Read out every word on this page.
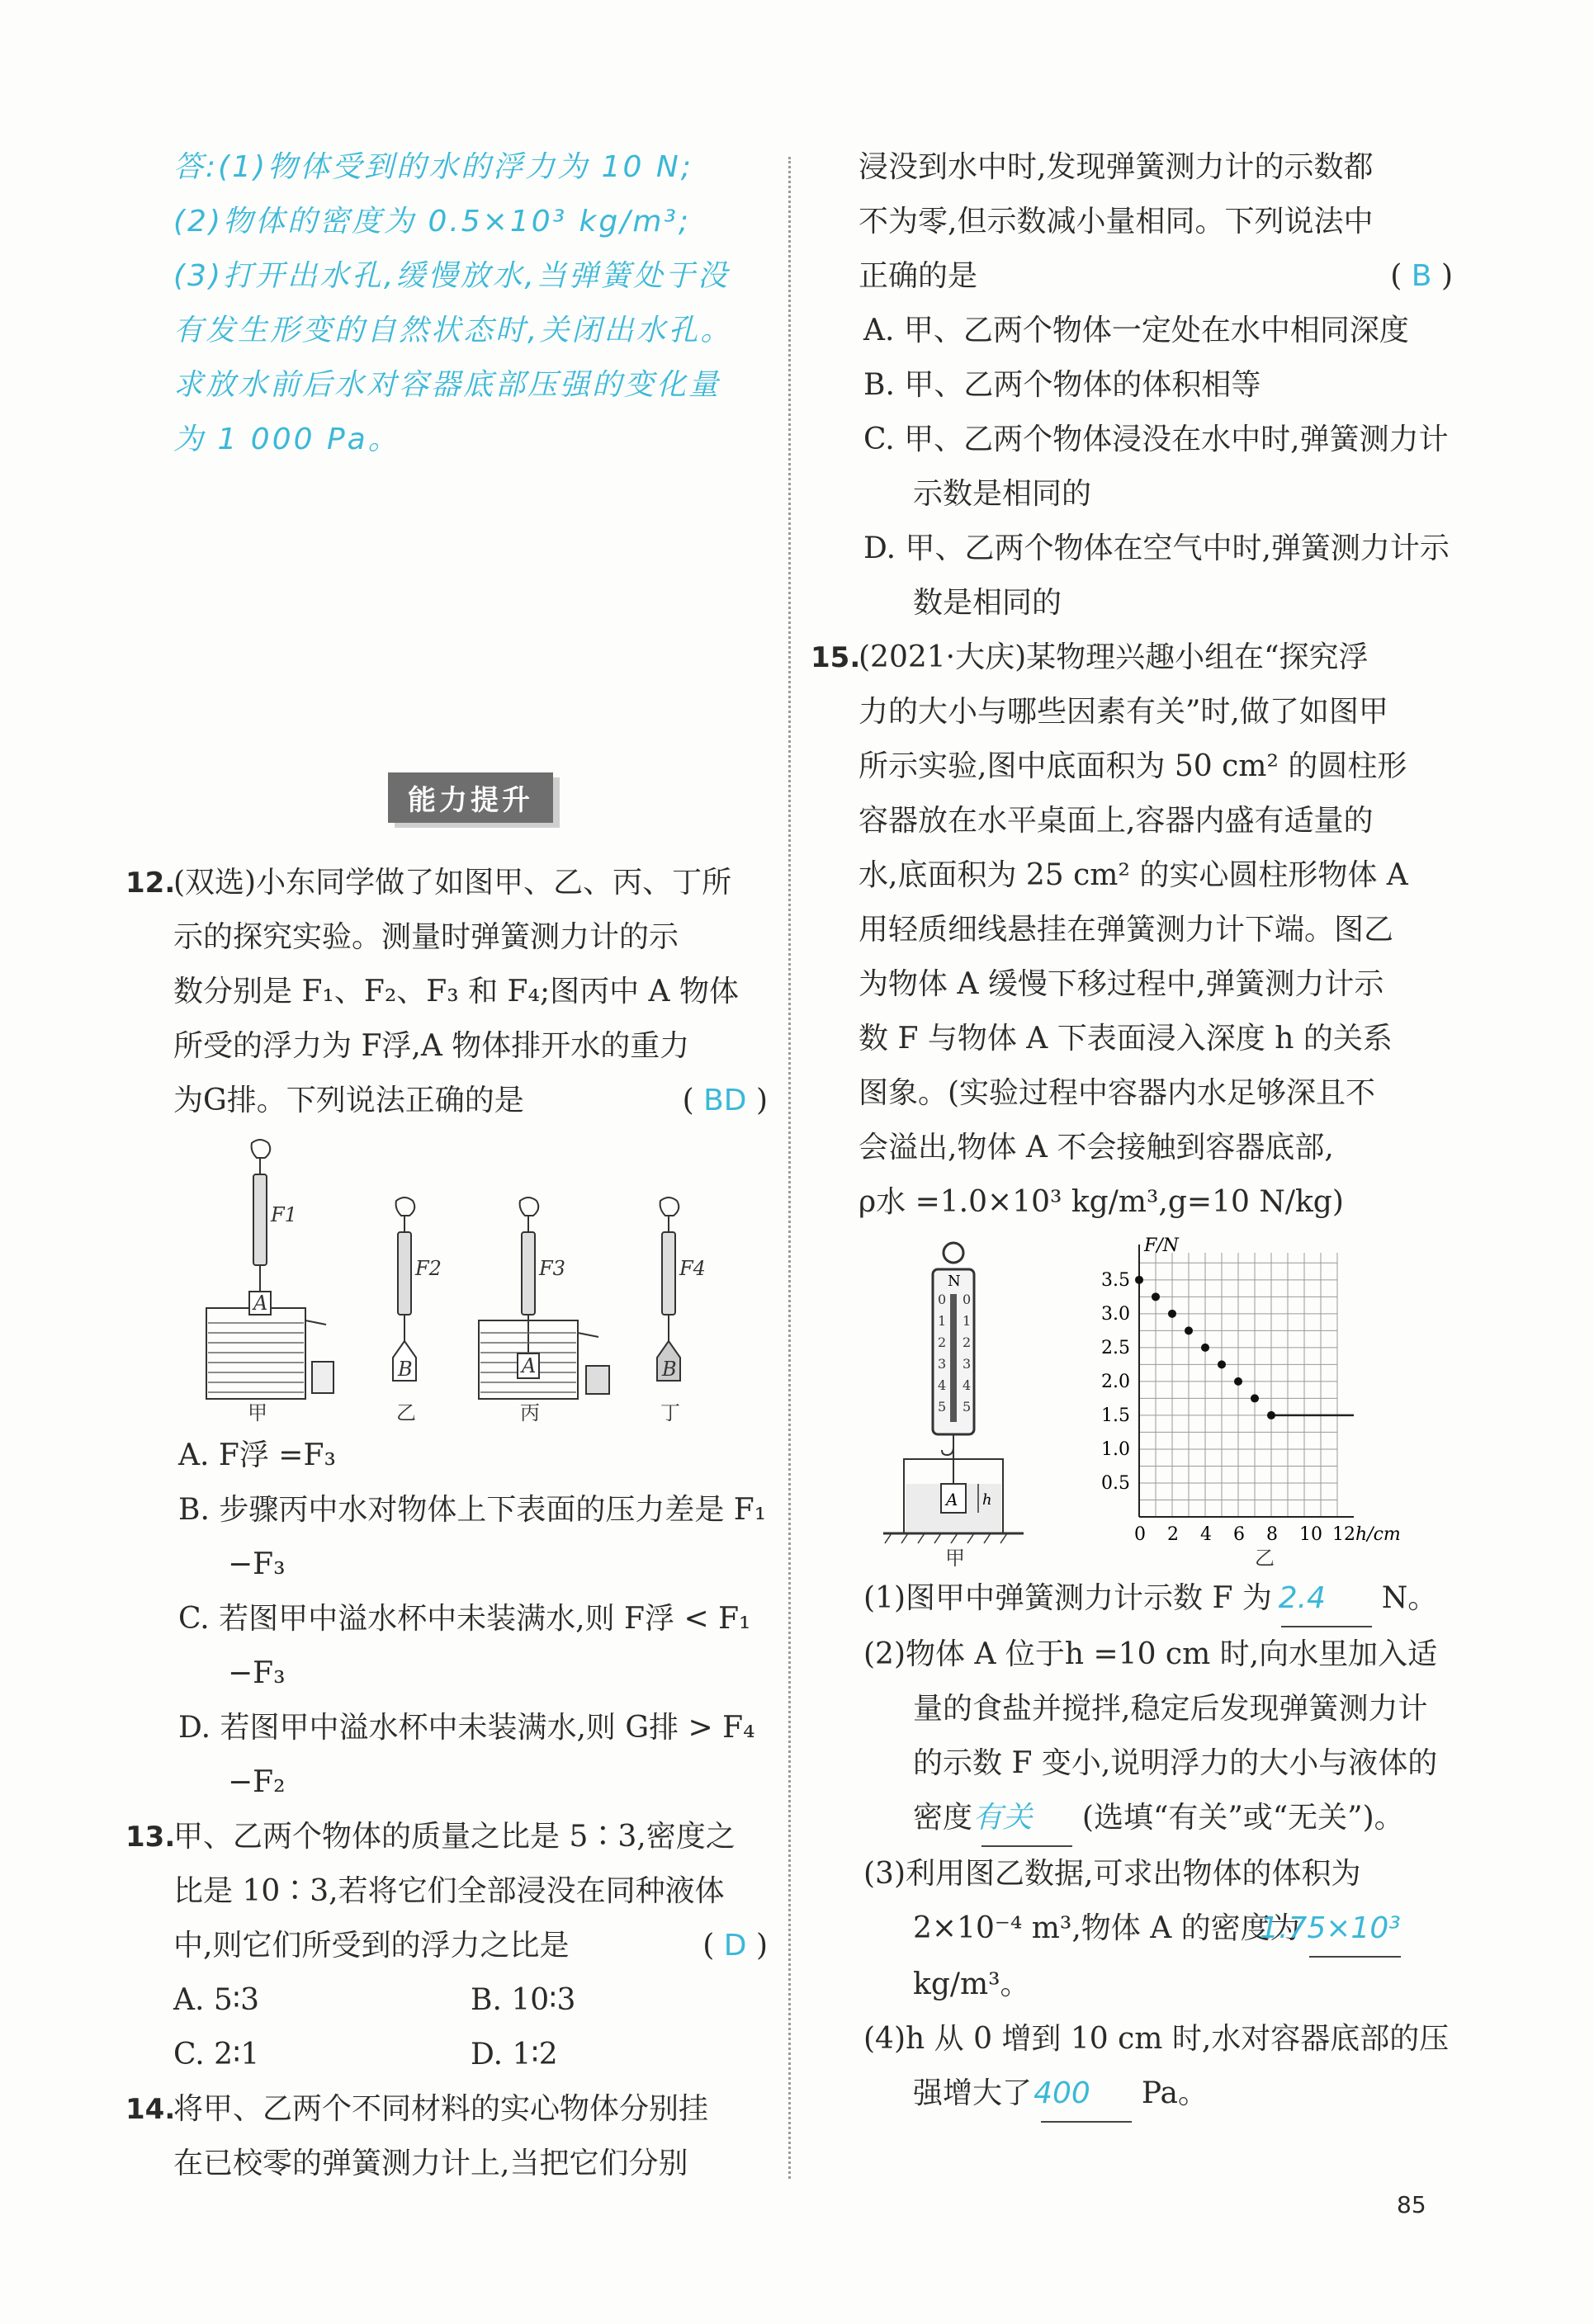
答:(1)物体受到的水的浮力为 10 N;

(2)物体的密度为 0.5×10³ kg/m³;

(3)打开出水孔,缓慢放水,当弹簧处于没

有发生形变的自然状态时,关闭出水孔。

求放水前后水对容器底部压强的变化量

为 1 000 Pa。

能力提升
12.

(双选)小东同学做了如图甲、乙、丙、丁所

示的探究实验。测量时弹簧测力计的示

数分别是 F₁、F₂、F₃ 和 F₄;图丙中 A 物体

所受的浮力为 F浮,A 物体排开水的重力

为G排。下列说法正确的是	( BD )

F1
A
甲
F2
B
乙
F3
A
丙
F4
B
丁

A. F浮 =F₃

B. 步骤丙中水对物体上下表面的压力差是 F₁ −F₃

C. 若图甲中溢水杯中未装满水,则 F浮 < F₁ −F₃

D. 若图甲中溢水杯中未装满水,则 G排 > F₄ −F₂

13.

甲、乙两个物体的质量之比是 5∶3,密度之

比是 10∶3,若将它们全部浸没在同种液体

中,则它们所受到的浮力之比是	( D )

A. 5∶3	B. 10∶3
C. 2∶1	D. 1∶2
14.

将甲、乙两个不同材料的实心物体分别挂

在已校零的弹簧测力计上,当把它们分别

浸没到水中时,发现弹簧测力计的示数都

不为零,但示数减小量相同。下列说法中

正确的是	( B )

A. 甲、乙两个物体一定处在水中相同深度

B. 甲、乙两个物体的体积相等

C. 甲、乙两个物体浸没在水中时,弹簧测力计示数是相同的

D. 甲、乙两个物体在空气中时,弹簧测力计示数是相同的

15.

(2021·大庆)某物理兴趣小组在“探究浮

力的大小与哪些因素有关”时,做了如图甲

所示实验,图中底面积为 50 cm² 的圆柱形

容器放在水平桌面上,容器内盛有适量的

水,底面积为 25 cm² 的实心圆柱形物体 A

用轻质细线悬挂在弹簧测力计下端。图乙

为物体 A 缓慢下移过程中,弹簧测力计示

数 F 与物体 A 下表面浸入深度 h 的关系

图象。(实验过程中容器内水足够深且不

会溢出,物体 A 不会接触到容器底部,

ρ水 =1.0×10³ kg/m³,g=10 N/kg)

N
0
1
2
3
4
5
0
1
2
3
4
5
A h
甲
F/N
h/cm
0 2 4 6 8 10 12
0.5
1.0
1.5
2.0
2.5
3.0
3.5
乙

(1)图甲中弹簧测力计示数 F 为 2.4 N。

(2)物体 A 位于h =10 cm 时,向水里加入适量的食盐并搅拌,稳定后发现弹簧测力计的示数 F 变小,说明浮力的大小与液体的密度 有关 (选填“有关”或“无关”)。

(3)利用图乙数据,可求出物体的体积为 2×10⁻⁴ m³,物体 A 的密度为 1.75×10³ kg/m³。

(4)h 从 0 增到 10 cm 时,水对容器底部的压强增大了 400 Pa。

85
